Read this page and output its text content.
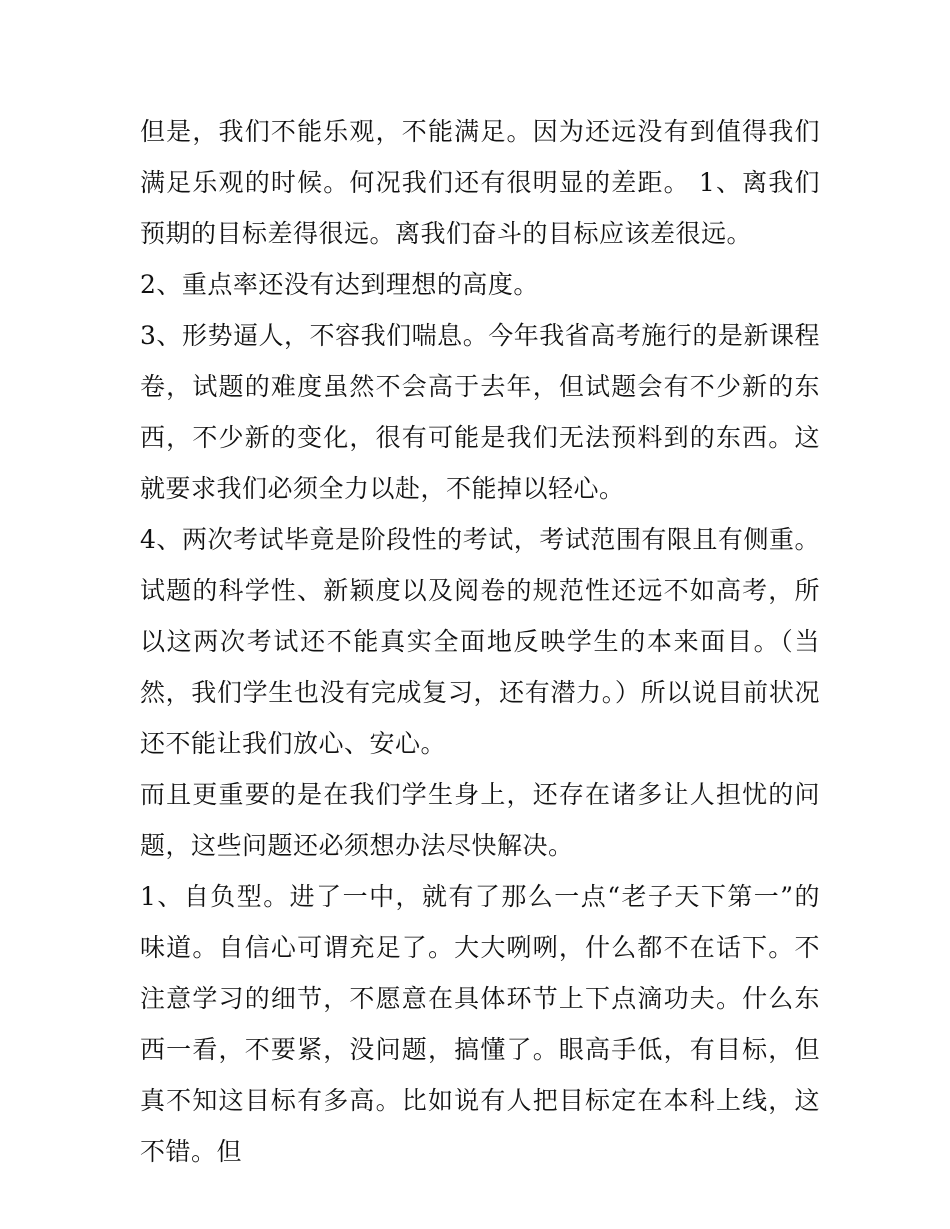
但是，我们不能乐观，不能满足。因为还远没有到值得我们满足乐观的时候。何况我们还有很明显的差距。 1、离我们预期的目标差得很远。离我们奋斗的目标应该差很远。

2、重点率还没有达到理想的高度。

3、形势逼人，不容我们喘息。今年我省高考施行的是新课程卷，试题的难度虽然不会高于去年，但试题会有不少新的东西，不少新的变化，很有可能是我们无法预料到的东西。这就要求我们必须全力以赴，不能掉以轻心。

4、两次考试毕竟是阶段性的考试，考试范围有限且有侧重。试题的科学性、新颖度以及阅卷的规范性还远不如高考，所以这两次考试还不能真实全面地反映学生的本来面目。（当然，我们学生也没有完成复习，还有潜力。）所以说目前状况还不能让我们放心、安心。

而且更重要的是在我们学生身上，还存在诸多让人担忧的问题，这些问题还必须想办法尽快解决。

1、自负型。进了一中，就有了那么一点“老子天下第一”的味道。自信心可谓充足了。大大咧咧，什么都不在话下。不注意学习的细节，不愿意在具体环节上下点滴功夫。什么东西一看，不要紧，没问题，搞懂了。眼高手低，有目标，但真不知这目标有多高。比如说有人把目标定在本科上线，这不错。但
